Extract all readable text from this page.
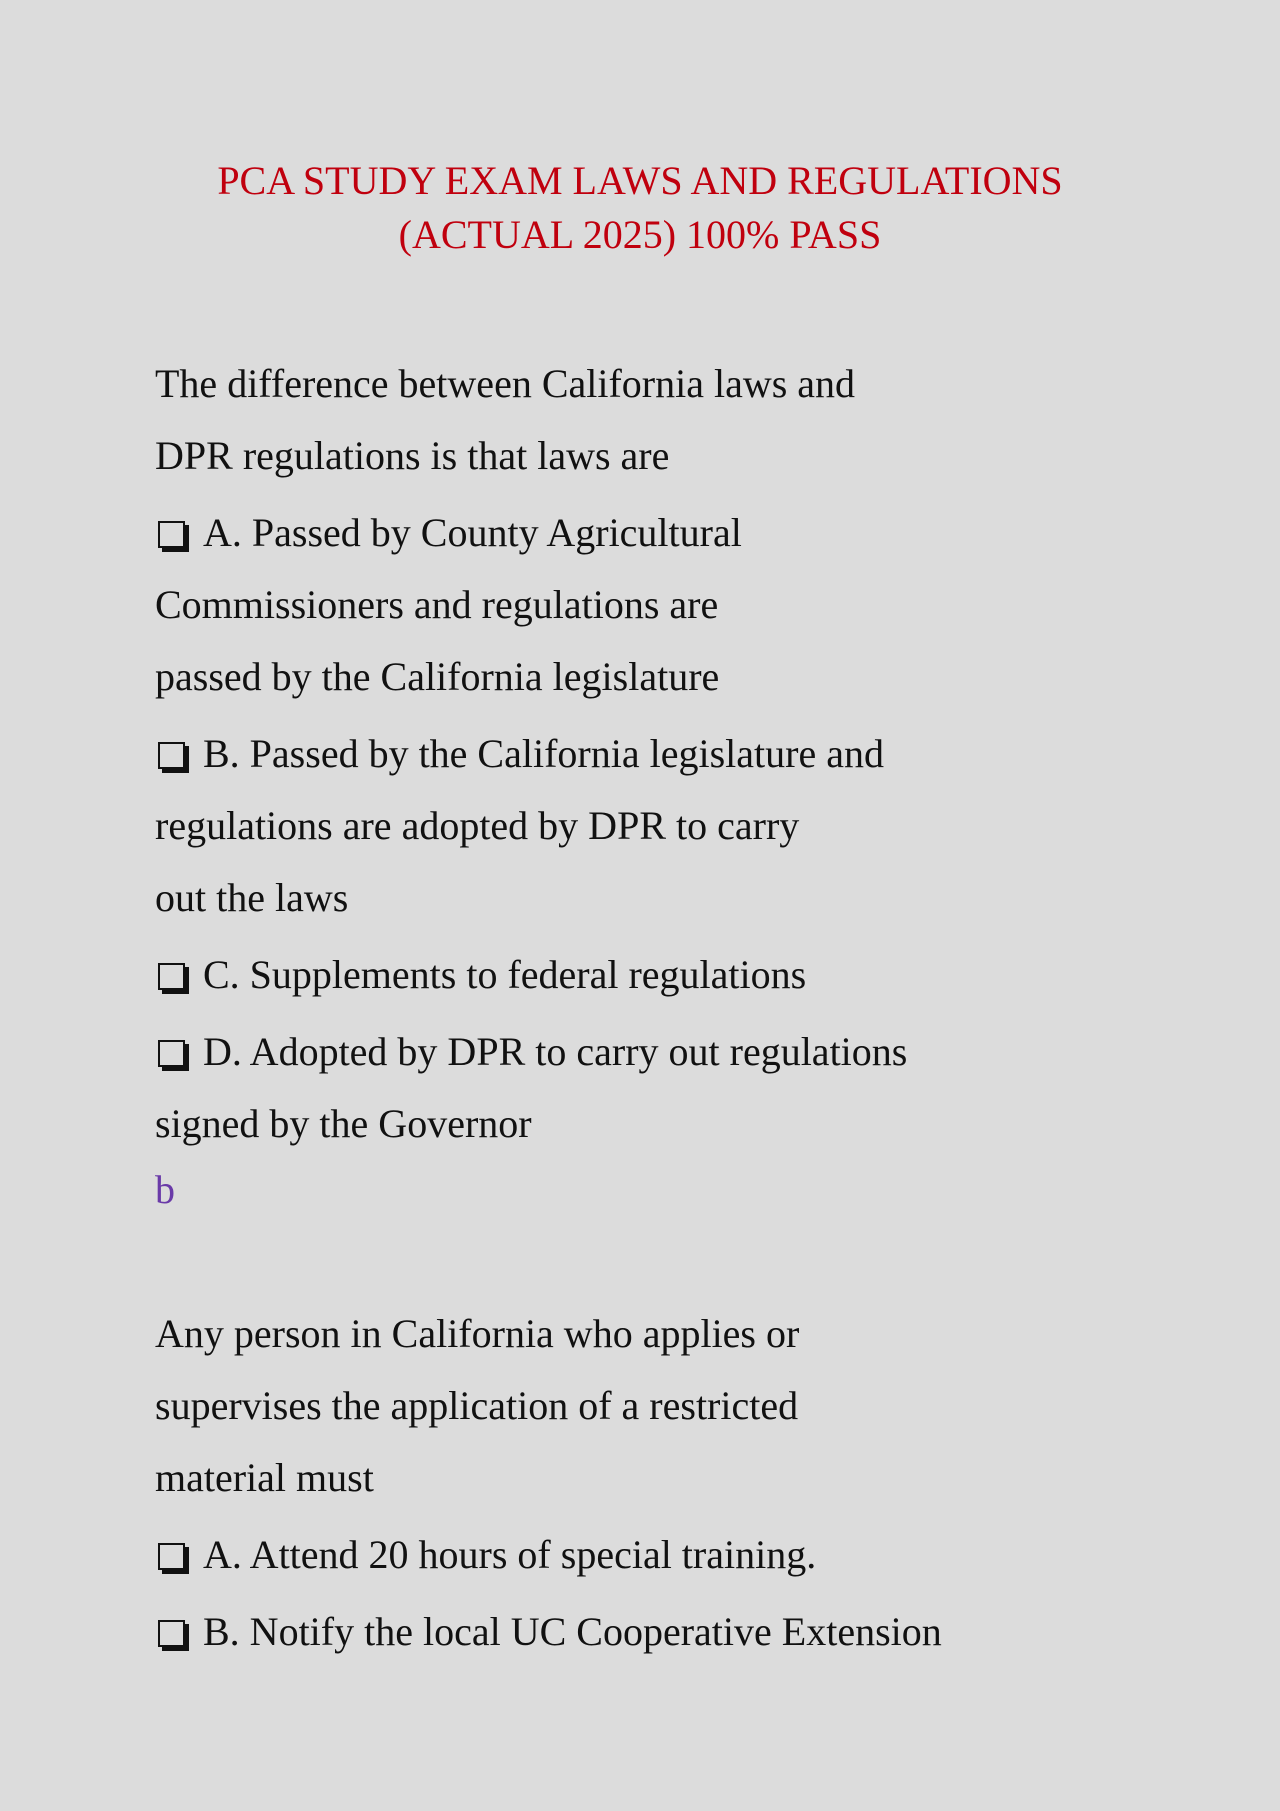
PCA STUDY EXAM LAWS AND REGULATIONS
(ACTUAL 2025) 100% PASS
The difference between California laws and
DPR regulations is that laws are
A. Passed by County Agricultural
Commissioners and regulations are
passed by the California legislature
B. Passed by the California legislature and
regulations are adopted by DPR to carry
out the laws
C. Supplements to federal regulations
D. Adopted by DPR to carry out regulations
signed by the Governor
b
Any person in California who applies or
supervises the application of a restricted
material must
A. Attend 20 hours of special training.
B. Notify the local UC Cooperative Extension
